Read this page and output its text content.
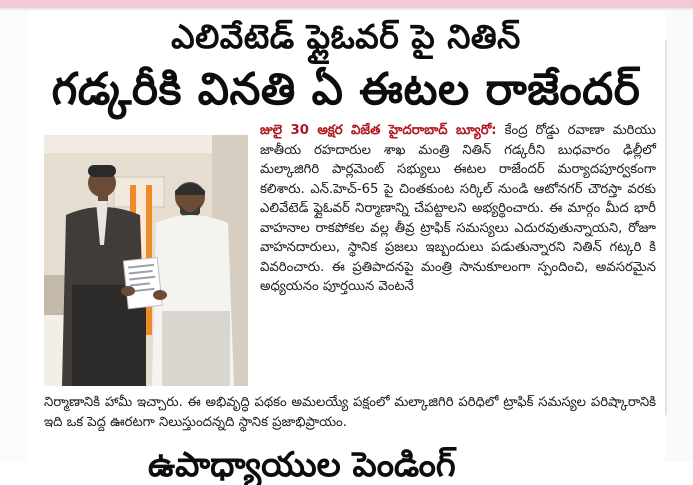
ఎలివేటెడ్ ఫ్లైఓవర్ పై నితిన్
గడ్కరీకి వినతి ఏ ఈటల రాజేందర్
జులై 30 అక్షర విజేత హైదరాబాద్ బ్యూరో: కేంద్ర రోడ్డు రవాణా మరియు జాతీయ రహదారుల శాఖ మంత్రి నితిన్ గడ్కరీని బుధవారం ఢిల్లీలో మల్కాజిగిరి పార్లమెంట్ సభ్యులు ఈటల రాజేందర్ మర్యాదపూర్వకంగా కలిశారు. ఎన్.హెచ్-65 పై చింతకుంట సర్కిల్ నుండి ఆటోనగర్ చౌరస్తా వరకు ఎలివేటెడ్ ఫ్లైఓవర్ నిర్మాణాన్ని చేపట్టాలని అభ్యర్థించారు. ఈ మార్గం మీద భారీ వాహనాల రాకపోకల వల్ల తీవ్ర ట్రాఫిక్ సమస్యలు ఎదురవుతున్నాయని, రోజూ వాహనదారులు, స్థానిక ప్రజలు ఇబ్బందులు పడుతున్నారని నితిన్ గట్కరి కి వివరించారు. ఈ ప్రతిపాదనపై మంత్రి సానుకూలంగా స్పందించి, అవసరమైన అధ్యయనం పూర్తయిన వెంటనే
నిర్మాణానికి హామీ ఇచ్చారు. ఈ అభివృద్ధి పథకం అమలయ్యే పక్షంలో మల్కాజిగిరి పరిధిలో ట్రాఫిక్ సమస్యల పరిష్కారానికి ఇది ఒక పెద్ద ఊరటగా నిలుస్తుందన్నది స్థానిక ప్రజాభిప్రాయం.
ఉపాధ్యాయుల పెండింగ్
